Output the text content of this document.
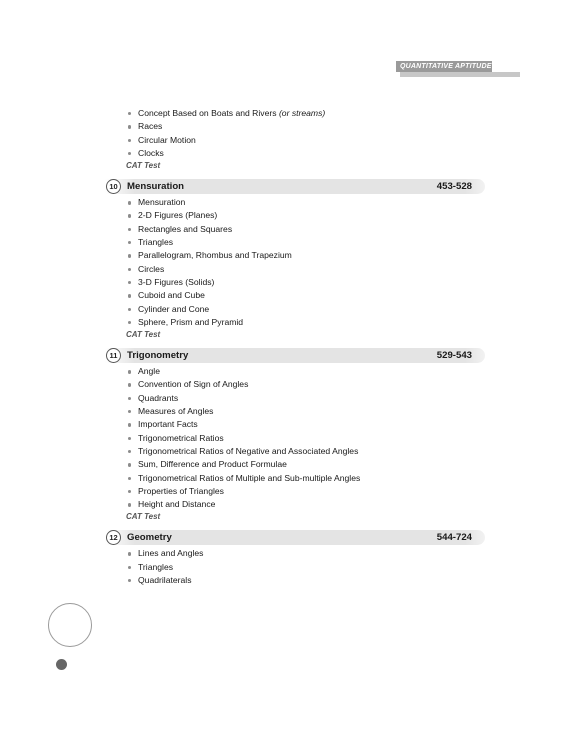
QUANTITATIVE APTITUDE
Concept Based on Boats and Rivers (or streams)
Races
Circular Motion
Clocks
CAT Test
10 Mensuration	453-528
Mensuration
2-D Figures (Planes)
Rectangles and Squares
Triangles
Parallelogram, Rhombus and Trapezium
Circles
3-D Figures (Solids)
Cuboid and Cube
Cylinder and Cone
Sphere, Prism and Pyramid
CAT Test
11 Trigonometry	529-543
Angle
Convention of Sign of Angles
Quadrants
Measures of Angles
Important Facts
Trigonometrical Ratios
Trigonometrical Ratios of Negative and Associated Angles
Sum, Difference and Product Formulae
Trigonometrical Ratios of Multiple and Sub-multiple Angles
Properties of Triangles
Height and Distance
CAT Test
12 Geometry	544-724
Lines and Angles
Triangles
Quadrilaterals
